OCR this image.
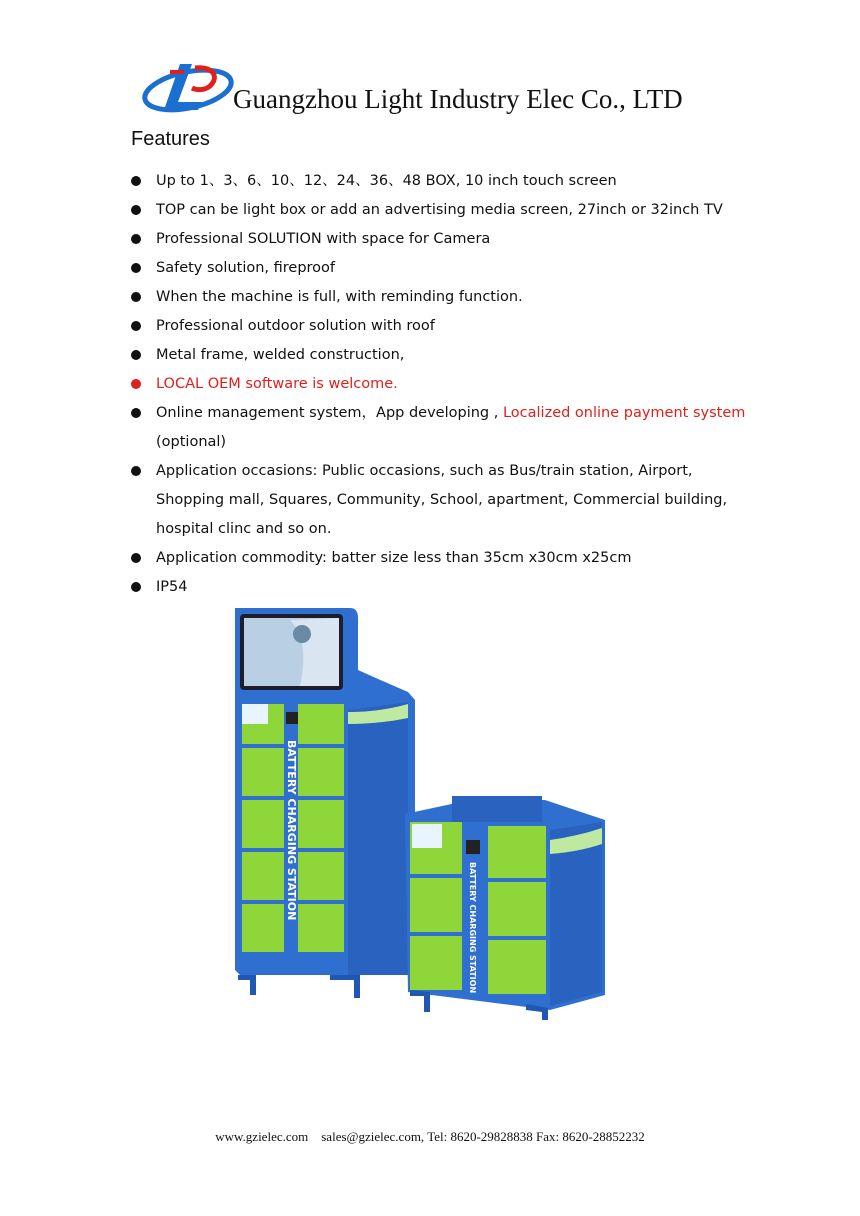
Guangzhou Light Industry Elec Co., LTD
Features
Up to 1、3、6、10、12、24、36、48 BOX, 10 inch touch screen
TOP can be light box or add an advertising media screen, 27inch or 32inch TV
Professional SOLUTION with space for Camera
Safety solution, fireproof
When the machine is full, with reminding function.
Professional outdoor solution with roof
Metal frame, welded construction,
LOCAL OEM software is welcome.
Online management system，App developing , Localized online payment system
(optional)
Application occasions: Public occasions, such as Bus/train station, Airport,
Shopping mall, Squares, Community, School, apartment, Commercial building,
hospital clinc and so on.
Application commodity: batter size less than 35cm x30cm x25cm
IP54
BATTERY CHARGING STATION
BATTERY CHARGING STATION
www.gzielec.com sales@gzielec.com, Tel: 8620-29828838 Fax: 8620-28852232
